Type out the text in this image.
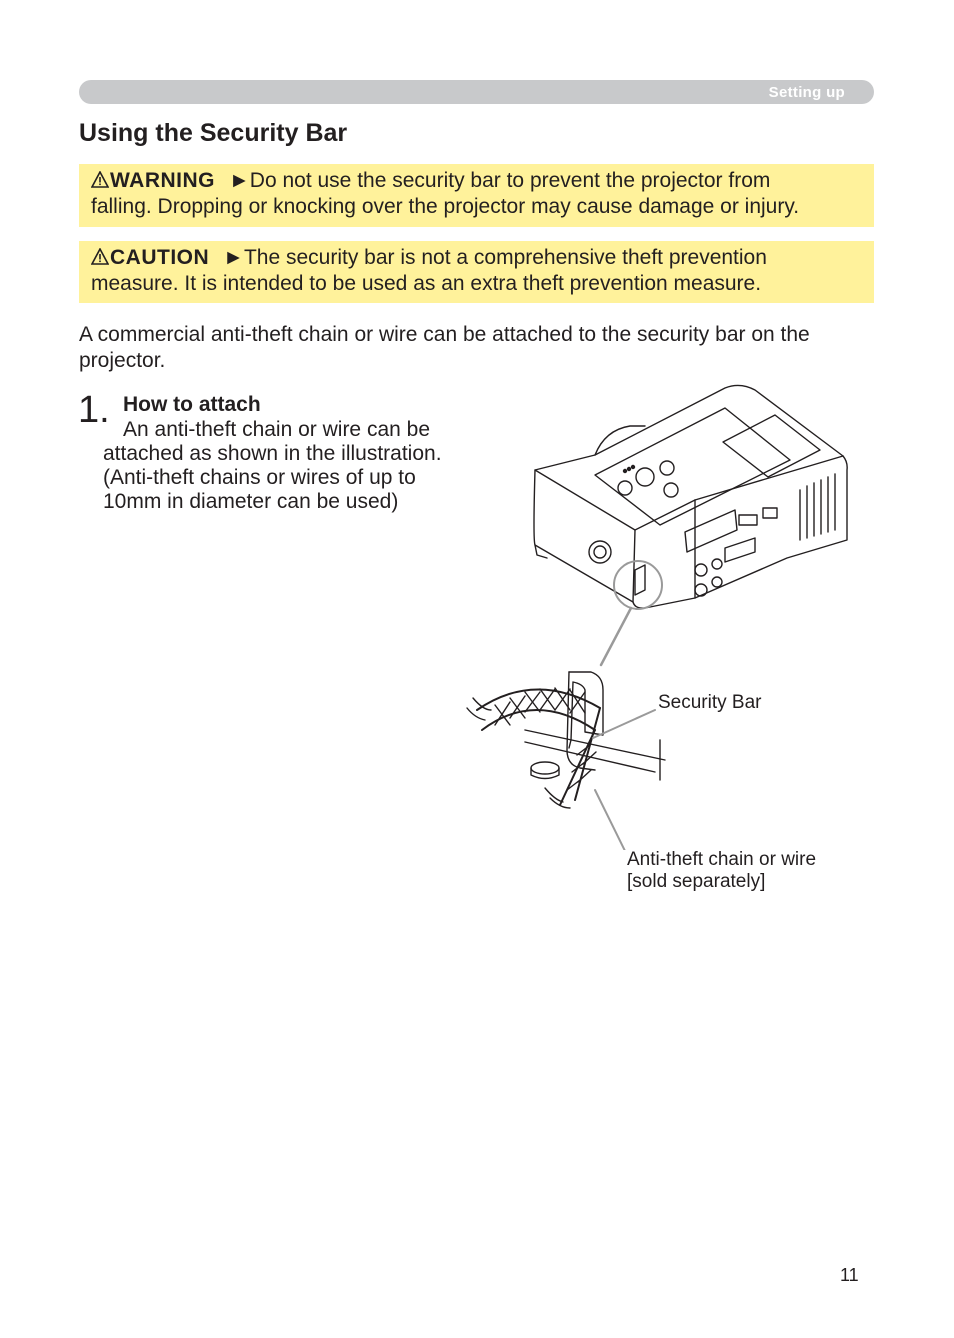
Setting up
Using the Security Bar
WARNING ►Do not use the security bar to prevent the projector from
falling. Dropping or knocking over the projector may cause damage or injury.
CAUTION ►The security bar is not a comprehensive theft prevention
measure. It is intended to be used as an extra theft prevention measure.
A commercial anti-theft chain or wire can be attached to the security bar on the
projector.
1. How to attach
An anti-theft chain or wire can be
attached as shown in the illustration.
(Anti-theft chains or wires of up to
10mm in diameter can be used)
Security Bar
Anti-theft chain or wire
[sold separately]
11
